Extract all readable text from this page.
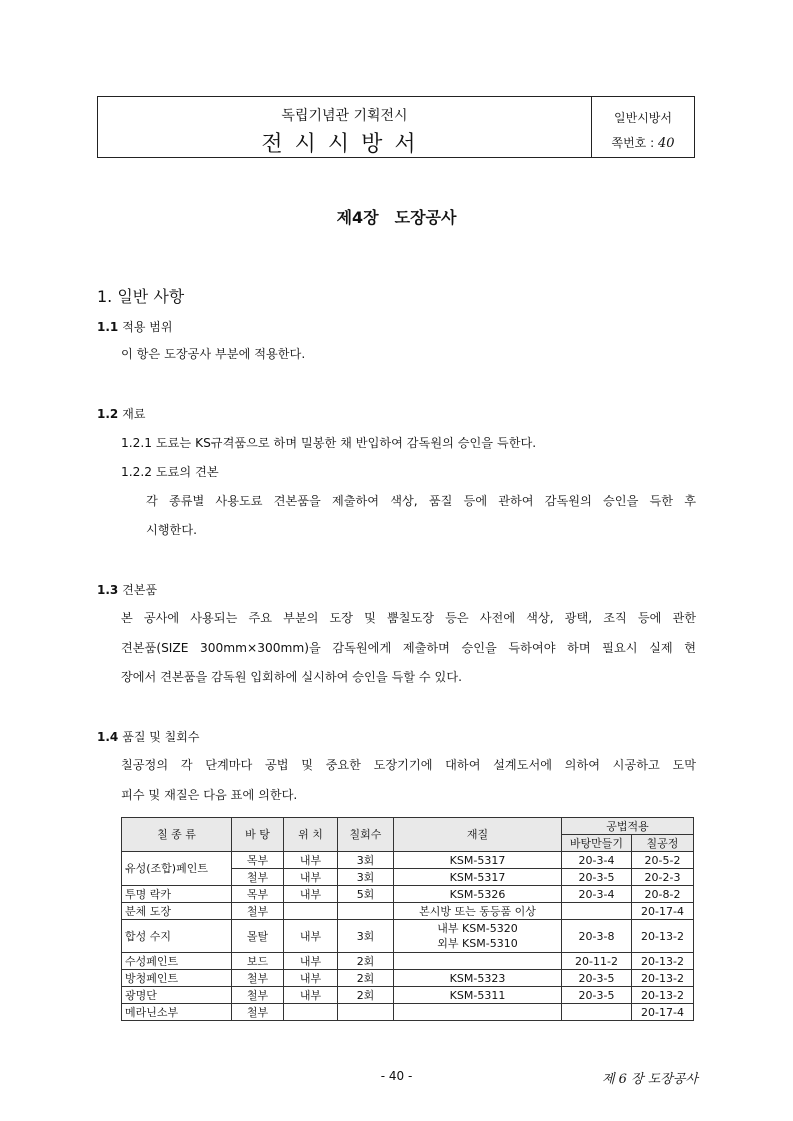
독립기념관 기획전시
전시시방서
일반시방서
쪽번호 : 40
제4장 도장공사
1. 일반 사항
1.1 적용 범위
이 항은 도장공사 부분에 적용한다.
1.2 재료
1.2.1 도료는 KS규격품으로 하며 밀봉한 채 반입하여 감독원의 승인을 득한다.
1.2.2 도료의 견본
각 종류별 사용도료 견본품을 제출하여 색상, 품질 등에 관하여 감독원의 승인을 득한 후
시행한다.
1.3 견본품
본 공사에 사용되는 주요 부분의 도장 및 뿜칠도장 등은 사전에 색상, 광택, 조직 등에 관한
견본품(SIZE 300mm×300mm)을 감독원에게 제출하며 승인을 득하여야 하며 필요시 실제 현
장에서 견본품을 감독원 입회하에 실시하여 승인을 득할 수 있다.
1.4 품질 및 칠회수
칠공정의 각 단계마다 공법 및 중요한 도장기기에 대하여 설계도서에 의하여 시공하고 도막
피수 및 재질은 다음 표에 의한다.
칠 종 류	바 탕	위 치	칠회수	재질	공법적용	
					바탕만들기	칠공정
유성(조합)페인트	목부	내부	3회	KSM-5317	20-3-4	20-5-2
	철부	내부	3회	KSM-5317	20-3-5	20-2-3
투명 락카	목부	내부	5회	KSM-5326	20-3-4	20-8-2
분체 도장	철부			본시방 또는 동등품 이상		20-17-4
합성 수지	몰탈	내부	3회	내부 KSM-5320
외부 KSM-5310	20-3-8	20-13-2
수성페인트	보드	내부	2회		20-11-2	20-13-2
방청페인트	철부	내부	2회	KSM-5323	20-3-5	20-13-2
광명단	철부	내부	2회	KSM-5311	20-3-5	20-13-2
메라닌소부	철부					20-17-4
- 40 -	제 6 장 도장공사
